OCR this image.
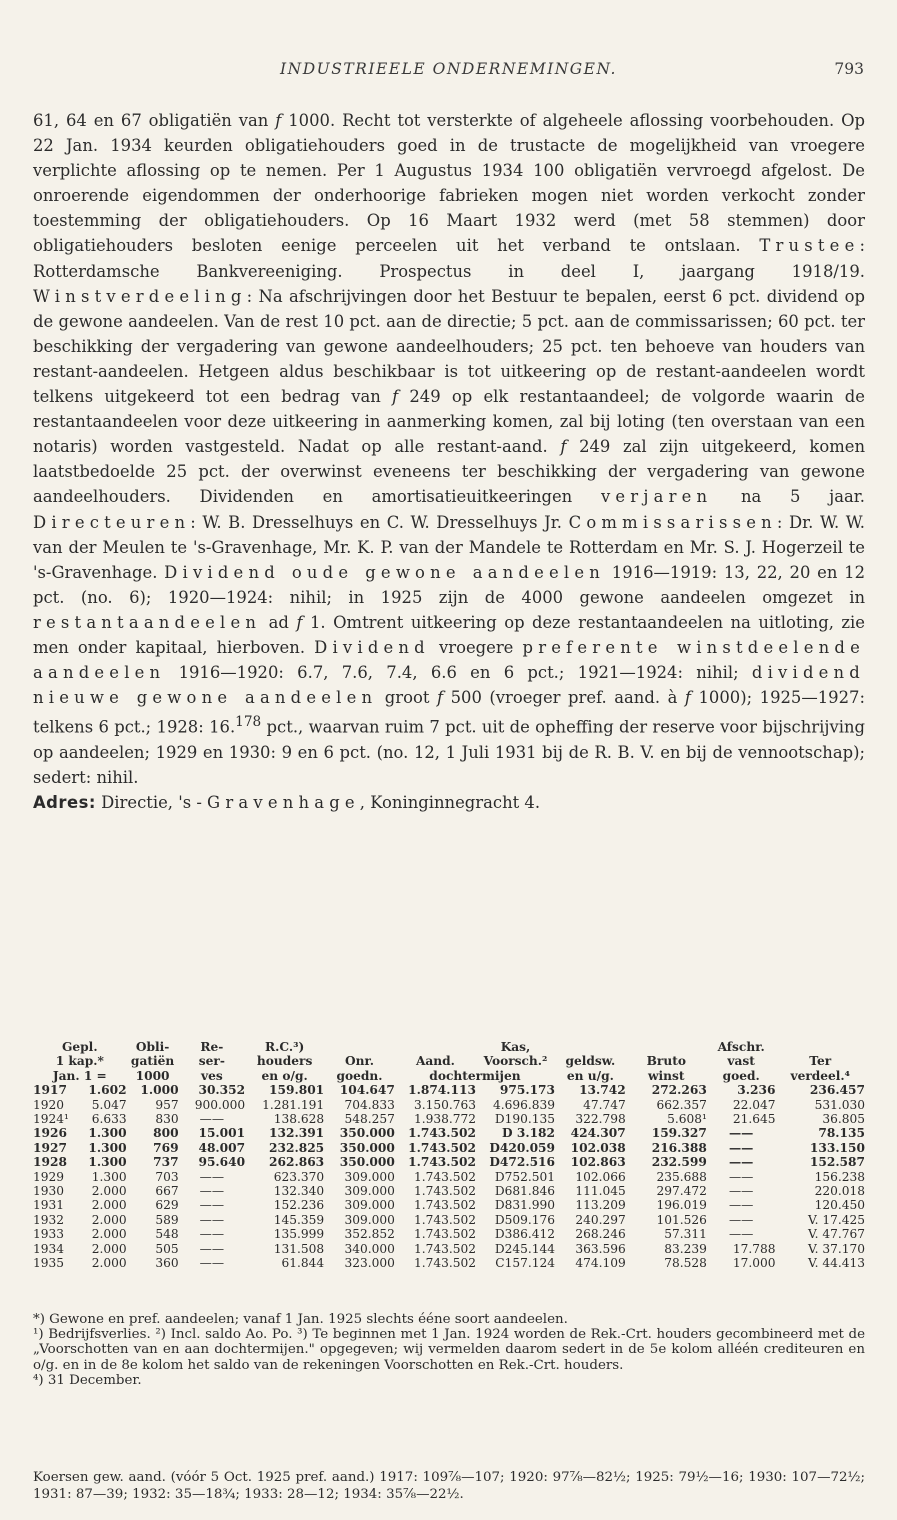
INDUSTRIEELE ONDERNEMINGEN.	793

61, 64 en 67 obligatiën van f 1000. Recht tot versterkte of algeheele aflossing voorbehouden. Op 22 Jan. 1934 keurden obligatiehouders goed in de trustacte de mogelijkheid van vroegere verplichte aflossing op te nemen. Per 1 Augustus 1934 100 obligatiën vervroegd afgelost. De onroerende eigendommen der onderhoorige fabrieken mogen niet worden verkocht zonder toestemming der obligatiehouders. Op 16 Maart 1932 werd (met 58 stemmen) door obligatiehouders besloten eenige perceelen uit het verband te ontslaan. Trustee: Rotterdamsche Bankvereeniging. Prospectus in deel I, jaargang 1918/19. Winstverdeeling: Na afschrijvingen door het Bestuur te bepalen, eerst 6 pct. dividend op de gewone aandeelen. Van de rest 10 pct. aan de directie; 5 pct. aan de commissarissen; 60 pct. ter beschikking der vergadering van gewone aandeelhouders; 25 pct. ten behoeve van houders van restant-aandeelen. Hetgeen aldus beschikbaar is tot uitkeering op de restant-aandeelen wordt telkens uitgekeerd tot een bedrag van f 249 op elk restantaandeel; de volgorde waarin de restantaandeelen voor deze uitkeering in aanmerking komen, zal bij loting (ten overstaan van een notaris) worden vastgesteld. Nadat op alle restant-aand. f 249 zal zijn uitgekeerd, komen laatstbedoelde 25 pct. der overwinst eveneens ter beschikking der vergadering van gewone aandeelhouders. Dividenden en amortisatieuitkeeringen verjaren na 5 jaar. Directeuren: W. B. Dresselhuys en C. W. Dresselhuys Jr. Commissarissen: Dr. W. W. van der Meulen te 's-Gravenhage, Mr. K. P. van der Mandele te Rotterdam en Mr. S. J. Hogerzeil te 's-Gravenhage. Dividend oude gewone aandeelen 1916—1919: 13, 22, 20 en 12 pct. (no. 6); 1920—1924: nihil; in 1925 zijn de 4000 gewone aandeelen omgezet in restantaandeelen ad f 1. Omtrent uitkeering op deze restantaandeelen na uitloting, zie men onder kapitaal, hierboven. Dividend vroegere preferente winstdeelende aandeelen 1916—1920: 6.7, 7.6, 7.4, 6.6 en 6 pct.; 1921—1924: nihil; dividend nieuwe gewone aandeelen groot f 500 (vroeger pref. aand. à f 1000); 1925—1927: telkens 6 pct.; 1928: 16.$^{178}$ pct., waarvan ruim 7 pct. uit de opheffing der reserve voor bijschrijving op aandeelen; 1929 en 1930: 9 en 6 pct. (no. 12, 1 Juli 1931 bij de R. B. V. en bij de vennootschap); sedert: nihil.

Adres: Directie, 's-Gravenhage, Koninginnegracht 4.

Gepl.		Obli-	Re-	R.C.³)			Kas,			Afschr.	
1 kap.*		gatiën	ser-	houders	Onr.	Aand.	Voorsch.²	geldsw.	Bruto	vast	Ter
Jan. 1 =		1000	ves	en o/g.	goedn.	dochtermijen		en u/g.	winst	goed.	verdeel.⁴
1917	1.602	1.000	30.352	159.801	104.647	1.874.113	975.173	13.742	272.263	3.236	236.457
1920	5.047	957	900.000	1.281.191	704.833	3.150.763	4.696.839	47.747	662.357	22.047	531.030
1924¹	6.633	830	——	138.628	548.257	1.938.772	D190.135	322.798	5.608¹	21.645	36.805
1926	1.300	800	15.001	132.391	350.000	1.743.502	D 3.182	424.307	159.327	——	78.135
1927	1.300	769	48.007	232.825	350.000	1.743.502	D420.059	102.038	216.388	——	133.150
1928	1.300	737	95.640	262.863	350.000	1.743.502	D472.516	102.863	232.599	——	152.587
1929	1.300	703	——	623.370	309.000	1.743.502	D752.501	102.066	235.688	——	156.238
1930	2.000	667	——	132.340	309.000	1.743.502	D681.846	111.045	297.472	——	220.018
1931	2.000	629	——	152.236	309.000	1.743.502	D831.990	113.209	196.019	——	120.450
1932	2.000	589	——	145.359	309.000	1.743.502	D509.176	240.297	101.526	——	V. 17.425
1933	2.000	548	——	135.999	352.852	1.743.502	D386.412	268.246	57.311	——	V. 47.767
1934	2.000	505	——	131.508	340.000	1.743.502	D245.144	363.596	83.239	17.788	V. 37.170
1935	2.000	360	——	61.844	323.000	1.743.502	C157.124	474.109	78.528	17.000	V. 44.413

*) Gewone en pref. aandeelen; vanaf 1 Jan. 1925 slechts ééne soort aandeelen.

¹) Bedrijfsverlies. ²) Incl. saldo Ao. Po. ³) Te beginnen met 1 Jan. 1924 worden de Rek.-Crt. houders gecombineerd met de „Voorschotten van en aan dochtermijen." opgegeven; wij vermelden daarom sedert in de 5e kolom alléén crediteuren en o/g. en in de 8e kolom het saldo van de rekeningen Voorschotten en Rek.-Crt. houders.

⁴) 31 December.

Koersen gew. aand. (vóór 5 Oct. 1925 pref. aand.) 1917: 109⅞—107; 1920: 97⅞—82½; 1925: 79½—16; 1930: 107—72½; 1931: 87—39; 1932: 35—18¾; 1933: 28—12; 1934: 35⅞—22½.
